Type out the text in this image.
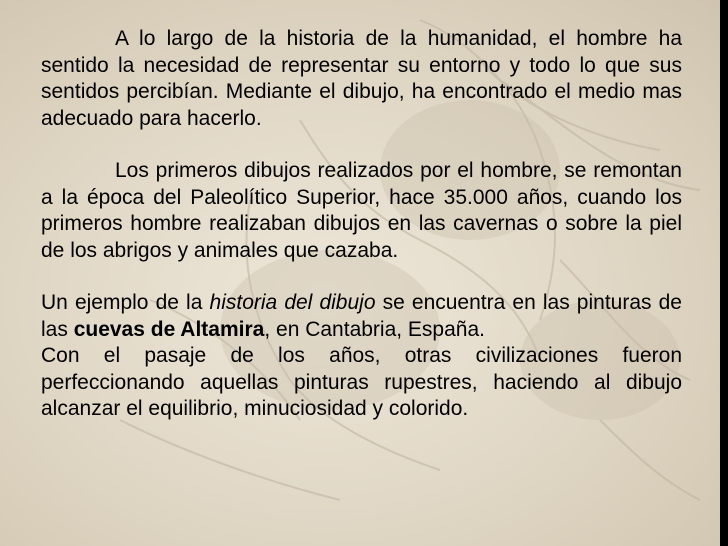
A lo largo de la historia de la humanidad, el hombre ha sentido la necesidad de representar su entorno y todo lo que sus sentidos percibían. Mediante el dibujo, ha encontrado el medio mas adecuado para hacerlo.

Los primeros dibujos realizados por el hombre, se remontan a la época del Paleolítico Superior, hace 35.000 años, cuando los primeros hombre realizaban dibujos en las cavernas o sobre la piel de los abrigos y animales que cazaba.

Un ejemplo de la historia del dibujo se encuentra en las pinturas de las cuevas de Altamira, en Cantabria, España.

Con el pasaje de los años, otras civilizaciones fueron perfeccionando aquellas pinturas rupestres, haciendo al dibujo alcanzar el equilibrio, minuciosidad y colorido.
